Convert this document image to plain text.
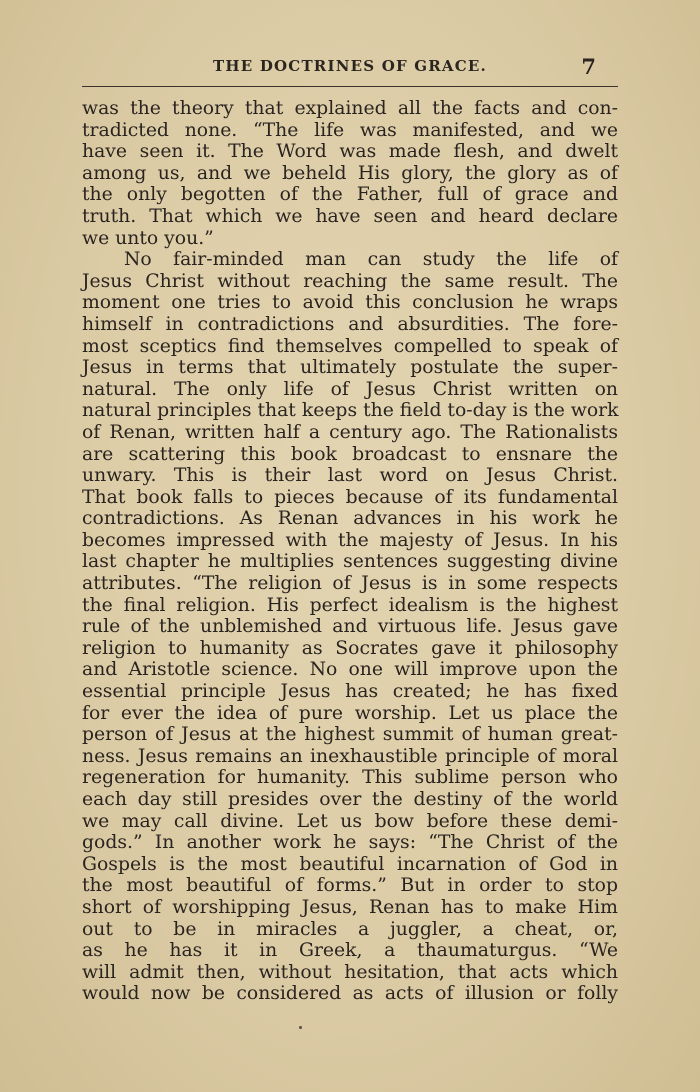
THE DOCTRINES OF GRACE.	7
was the theory that explained all the facts and con-
tradicted none. “The life was manifested, and we
have seen it. The Word was made flesh, and dwelt
among us, and we beheld His glory, the glory as of
the only begotten of the Father, full of grace and
truth. That which we have seen and heard declare
we unto you.”
No fair-minded man can study the life of
Jesus Christ without reaching the same result. The
moment one tries to avoid this conclusion he wraps
himself in contradictions and absurdities. The fore-
most sceptics find themselves compelled to speak of
Jesus in terms that ultimately postulate the super-
natural. The only life of Jesus Christ written on
natural principles that keeps the field to-day is the work
of Renan, written half a century ago. The Rationalists
are scattering this book broadcast to ensnare the
unwary. This is their last word on Jesus Christ.
That book falls to pieces because of its fundamental
contradictions. As Renan advances in his work he
becomes impressed with the majesty of Jesus. In his
last chapter he multiplies sentences suggesting divine
attributes. “The religion of Jesus is in some respects
the final religion. His perfect idealism is the highest
rule of the unblemished and virtuous life. Jesus gave
religion to humanity as Socrates gave it philosophy
and Aristotle science. No one will improve upon the
essential principle Jesus has created; he has fixed
for ever the idea of pure worship. Let us place the
person of Jesus at the highest summit of human great-
ness. Jesus remains an inexhaustible principle of moral
regeneration for humanity. This sublime person who
each day still presides over the destiny of the world
we may call divine. Let us bow before these demi-
gods.” In another work he says: “The Christ of the
Gospels is the most beautiful incarnation of God in
the most beautiful of forms.” But in order to stop
short of worshipping Jesus, Renan has to make Him
out to be in miracles a juggler, a cheat, or,
as he has it in Greek, a thaumaturgus. “We
will admit then, without hesitation, that acts which
would now be considered as acts of illusion or folly
